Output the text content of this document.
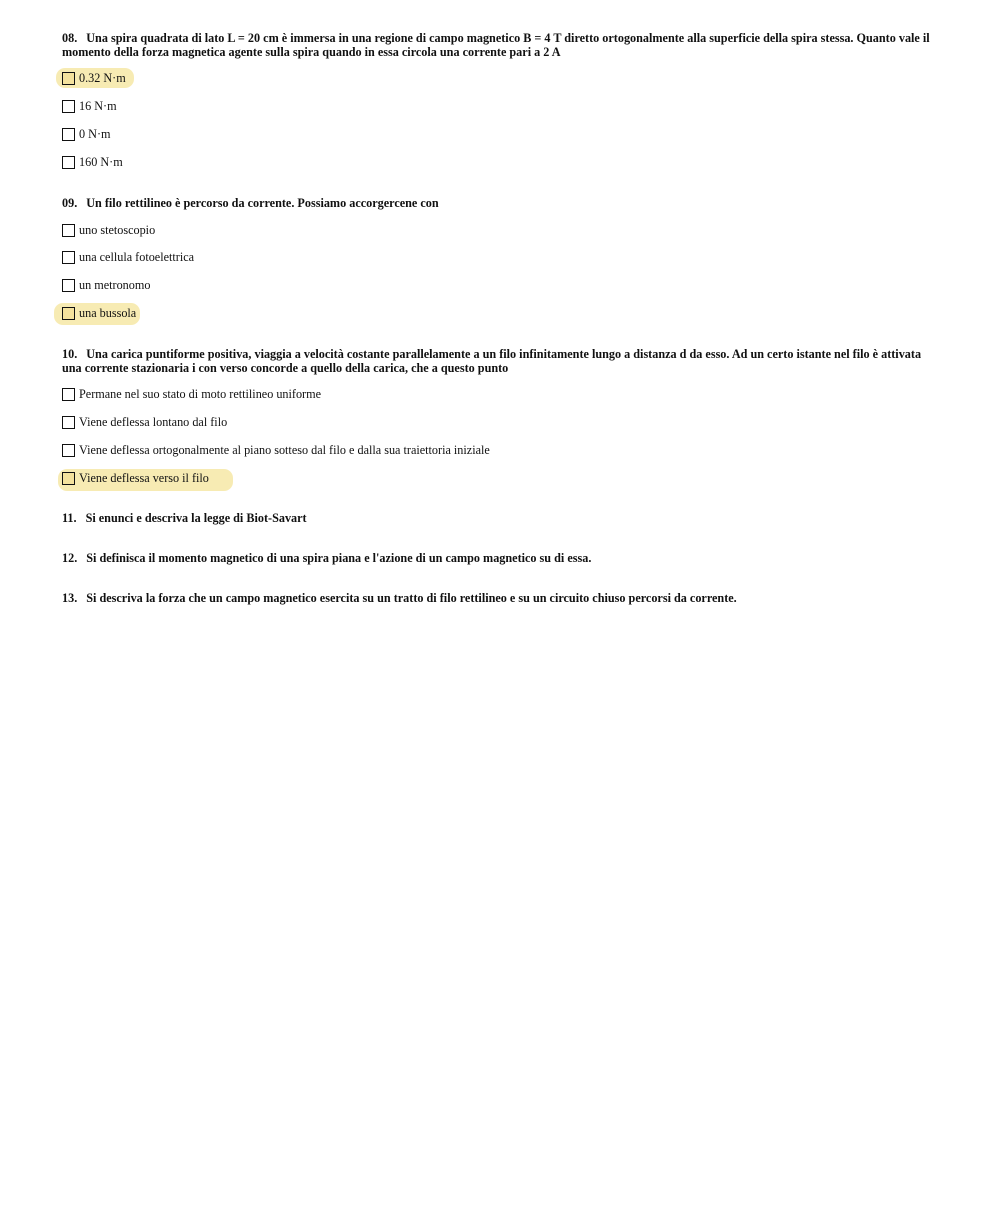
08. Una spira quadrata di lato L = 20 cm è immersa in una regione di campo magnetico B = 4 T diretto ortogonalmente alla superficie della spira stessa. Quanto vale il momento della forza magnetica agente sulla spira quando in essa circola una corrente pari a 2 A

0.32 N·m
16 N·m
0 N·m
160 N·m

09. Un filo rettilineo è percorso da corrente. Possiamo accorgercene con

uno stetoscopio
una cellula fotoelettrica
un metronomo
una bussola

10. Una carica puntiforme positiva, viaggia a velocità costante parallelamente a un filo infinitamente lungo a distanza d da esso. Ad un certo istante nel filo è attivata una corrente stazionaria i con verso concorde a quello della carica, che a questo punto

Permane nel suo stato di moto rettilineo uniforme
Viene deflessa lontano dal filo
Viene deflessa ortogonalmente al piano sotteso dal filo e dalla sua traiettoria iniziale
Viene deflessa verso il filo

11. Si enunci e descriva la legge di Biot-Savart

12. Si definisca il momento magnetico di una spira piana e l'azione di un campo magnetico su di essa.

13. Si descriva la forza che un campo magnetico esercita su un tratto di filo rettilineo e su un circuito chiuso percorsi da corrente.
